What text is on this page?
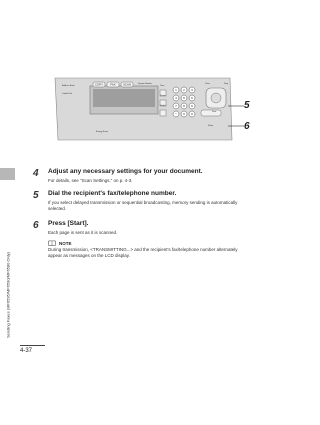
Sending Faxes (MF6595/MF6590/MF6580 Only)
COPY	FAX	SCAN
1 2 3
4 5 6
7 8 9
* 0 #
Address Book
Coded Dial
System Monitor	Clear
Start
Stop
Reset
Tone
Pause
Redial
Energy Saver
5
6
4 Adjust any necessary settings for your document.
For details, see "Scan Settings," on p. 4-3.
5 Dial the recipient's fax/telephone number.
If you select delayed transmission or sequential broadcasting, memory sending is automatically
selected.
6 Press [Start].
Each page is sent as it is scanned.
NOTE
During transmission, <TRANSMITTING...> and the recipient's fax/telephone number alternately
appear as messages on the LCD display.
4-37
